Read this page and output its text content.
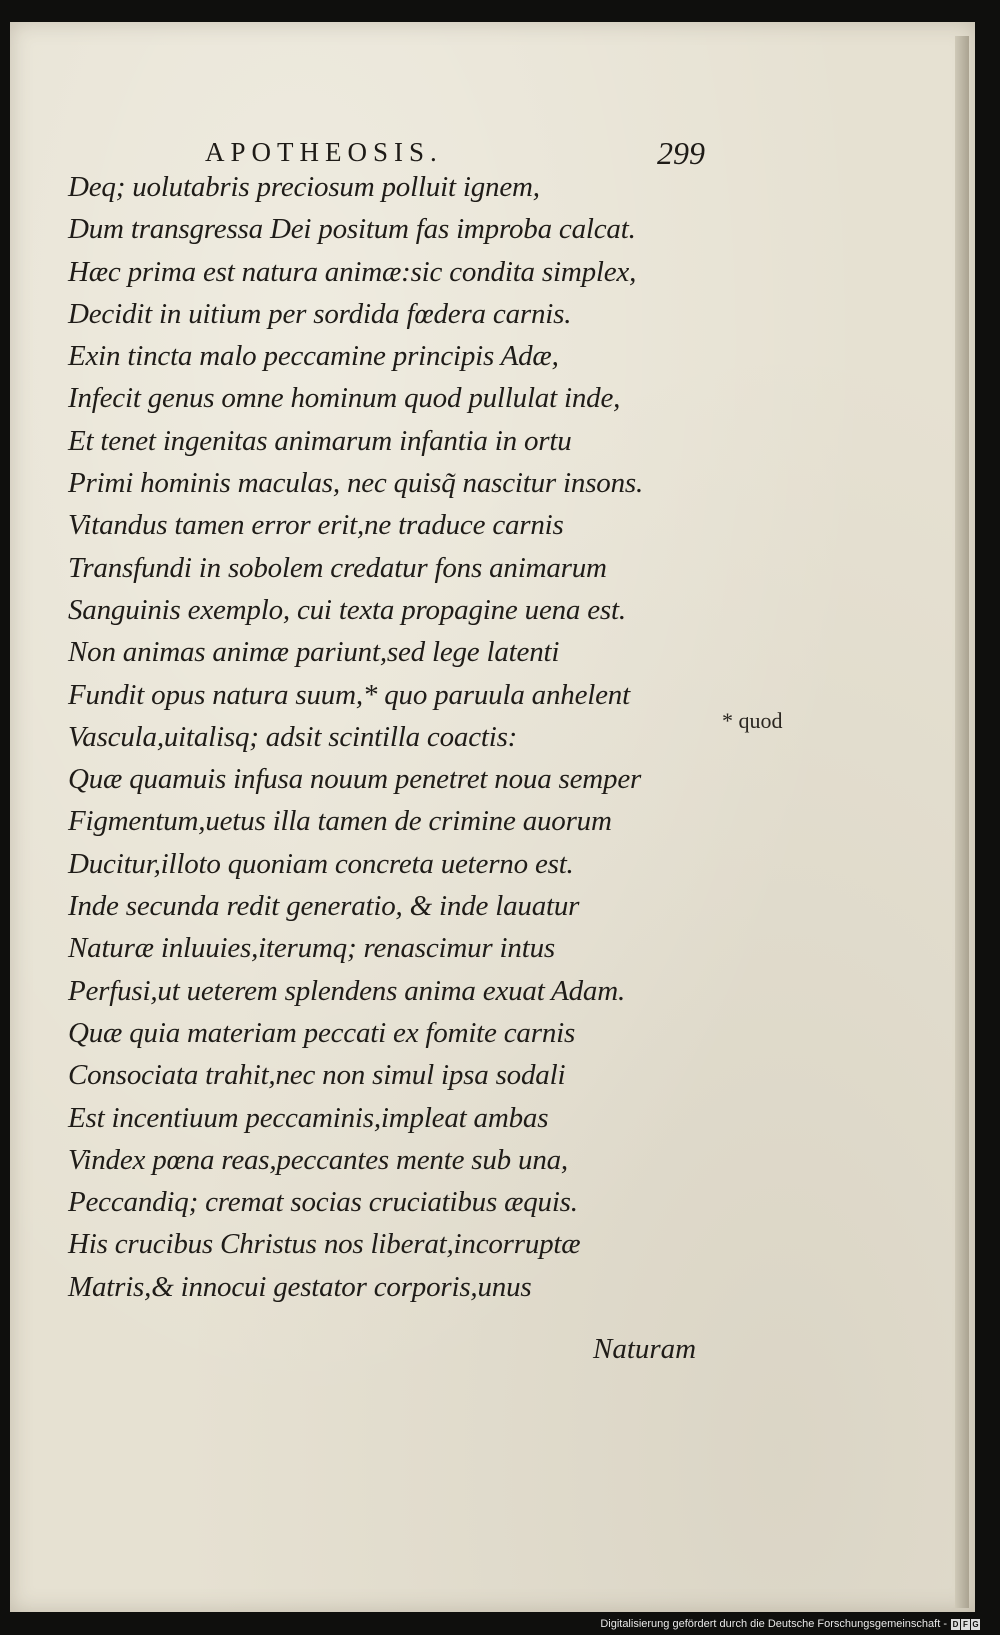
APOTHEOSIS.	299
Deq; uolutabris preciosum polluit ignem,
Dum transgressa Dei positum fas improba calcat.
Hæc prima est natura animæ:sic condita simplex,
Decidit in uitium per sordida fœdera carnis.
Exin tincta malo peccamine principis Adæ,
Infecit genus omne hominum quod pullulat inde,
Et tenet ingenitas animarum infantia in ortu
Primi hominis maculas, nec quisq̃ nascitur insons.
Vitandus tamen error erit,ne traduce carnis
Transfundi in sobolem credatur fons animarum
Sanguinis exemplo, cui texta propagine uena est.
Non animas animæ pariunt,sed lege latenti
Fundit opus natura suum,* quo paruula anhelent
Vascula,uitalisq; adsit scintilla coactis:
Quæ quamuis infusa nouum penetret noua semper
Figmentum,uetus illa tamen de crimine auorum
Ducitur,illoto quoniam concreta ueterno est.
Inde secunda redit generatio, & inde lauatur
Naturæ inluuies,iterumq; renascimur intus
Perfusi,ut ueterem splendens anima exuat Adam.
Quæ quia materiam peccati ex fomite carnis
Consociata trahit,nec non simul ipsa sodali
Est incentiuum peccaminis,impleat ambas
Vindex pœna reas,peccantes mente sub una,
Peccandiq; cremat socias cruciatibus æquis.
His crucibus Christus nos liberat,incorruptæ
Matris,& innocui gestator corporis,unus
* quod
Naturam
Digitalisierung gefördert durch die Deutsche Forschungsgemeinschaft - D F G
